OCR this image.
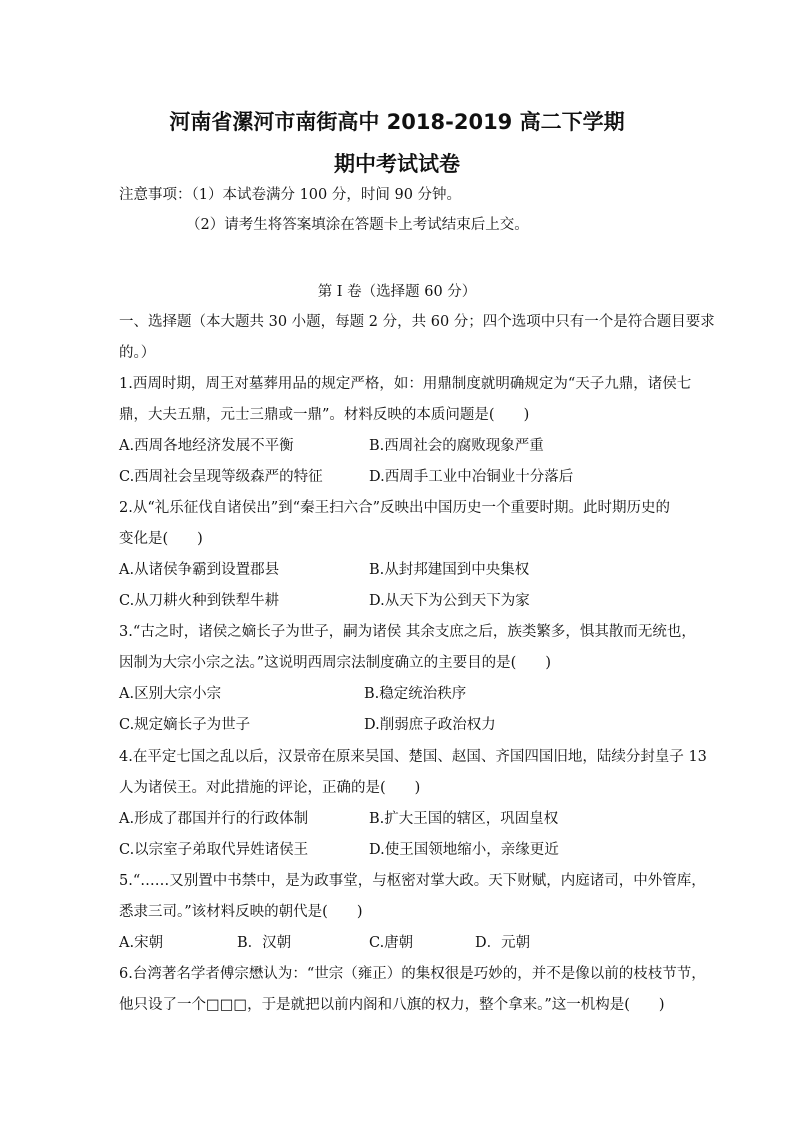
河南省漯河市南街高中 2018-2019 高二下学期
期中考试试卷
注意事项：（1）本试卷满分 100 分，时间 90 分钟。
（2）请考生将答案填涂在答题卡上考试结束后上交。
第 I 卷（选择题 60 分）
一、选择题（本大题共 30 小题，每题 2 分，共 60 分；四个选项中只有一个是符合题目要求
的。）
1.西周时期，周王对墓葬用品的规定严格，如：用鼎制度就明确规定为“天子九鼎，诸侯七
鼎，大夫五鼎，元士三鼎或一鼎”。材料反映的本质问题是(　　)
A.西周各地经济发展不平衡	B.西周社会的腐败现象严重
C.西周社会呈现等级森严的特征	D.西周手工业中冶铜业十分落后
2.从“礼乐征伐自诸侯出”到“秦王扫六合”反映出中国历史一个重要时期。此时期历史的
变化是(　　)
A.从诸侯争霸到设置郡县	B.从封邦建国到中央集权
C.从刀耕火种到铁犁牛耕	D.从天下为公到天下为家
3.“古之时，诸侯之嫡长子为世子，嗣为诸侯 其余支庶之后，族类繁多，惧其散而无统也，
因制为大宗小宗之法。”这说明西周宗法制度确立的主要目的是(　　)
A.区别大宗小宗	B.稳定统治秩序
C.规定嫡长子为世子	D.削弱庶子政治权力
4.在平定七国之乱以后，汉景帝在原来吴国、楚国、赵国、齐国四国旧地，陆续分封皇子 13
人为诸侯王。对此措施的评论，正确的是(　　)
A.形成了郡国并行的行政体制	B.扩大王国的辖区，巩固皇权
C.以宗室子弟取代异姓诸侯王	D.使王国领地缩小，亲缘更近
5.“……又别置中书禁中，是为政事堂，与枢密对掌大政。天下财赋，内庭诸司，中外管库，
悉隶三司。”该材料反映的朝代是(　　)
A.宋朝	B．汉朝	C.唐朝	D．元朝
6.台湾著名学者傅宗懋认为：“世宗（雍正）的集权很是巧妙的，并不是像以前的枝枝节节，
他只设了一个□□□，于是就把以前内阁和八旗的权力，整个拿来。”这一机构是(　　)
